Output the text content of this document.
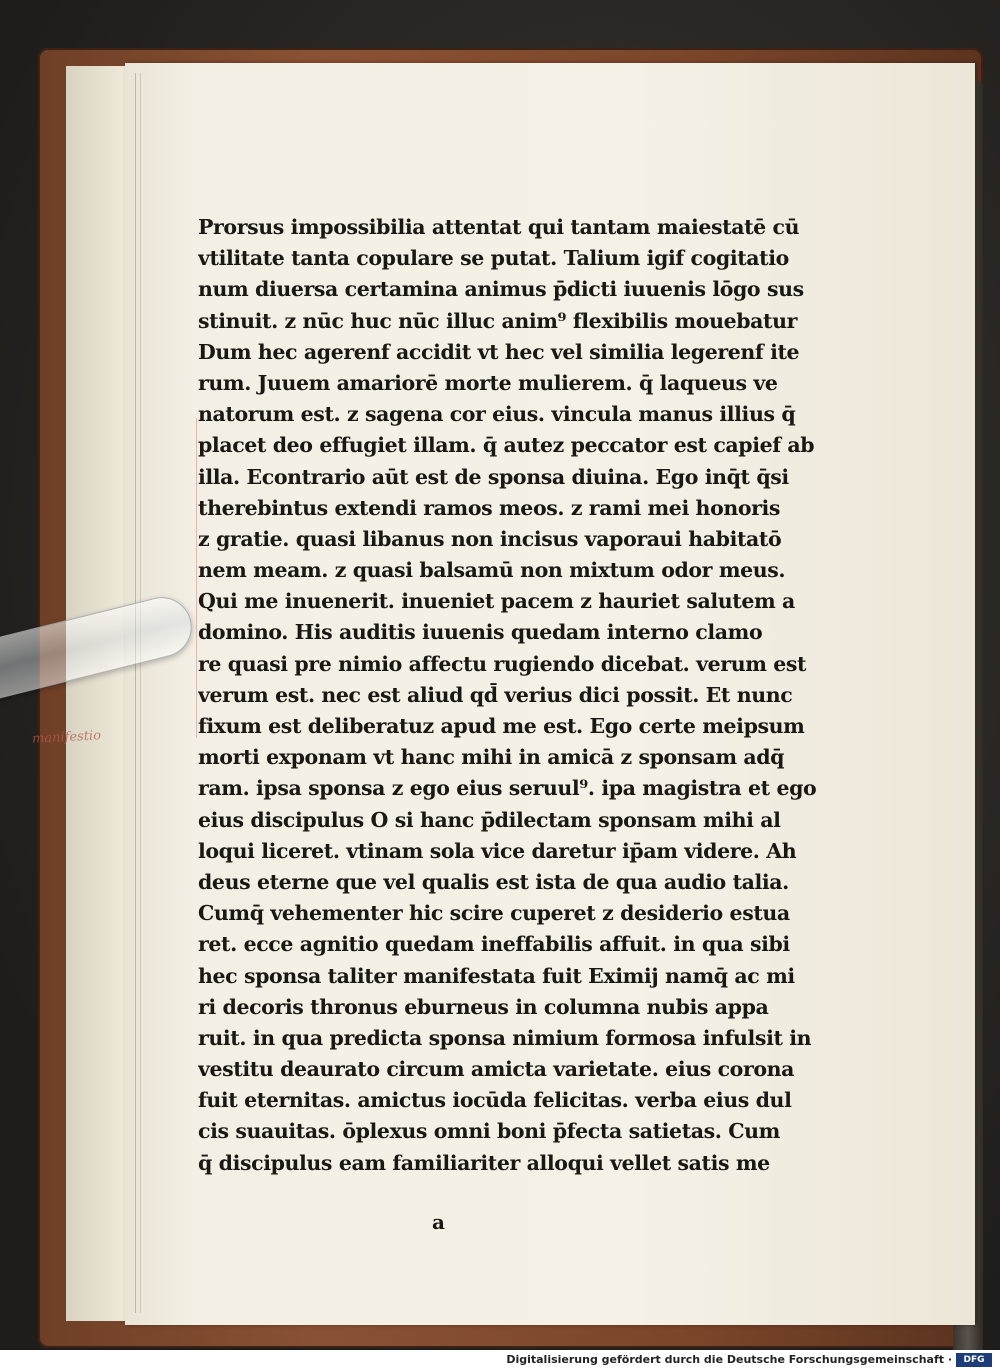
manifestio
Prorsus impossibilia attentat qui tantam maiestatē cū
vtilitate tanta copulare se putat. Talium igif cogitatio
num diuersa certamina animus p̄dicti iuuenis lōgo sus
stinuit. z nūc huc nūc illuc anim⁹ flexibilis mouebatur
Dum hec agerenf accidit vt hec vel similia legerenf ite
rum. Juuem amariorē morte mulierem. q̄ laqueus ve
natorum est. z sagena cor eius. vincula manus illius q̄
placet deo effugiet illam. q̄ autez peccator est capief ab
illa. Econtrario aūt est de sponsa diuina. Ego inq̄t q̄si
therebintus extendi ramos meos. z rami mei honoris
z gratie. quasi libanus non incisus vaporaui habitatō
nem meam. z quasi balsamū non mixtum odor meus.
Qui me inuenerit. inueniet pacem z hauriet salutem a
domino. His auditis iuuenis quedam interno clamo
re quasi pre nimio affectu rugiendo dicebat. verum est
verum est. nec est aliud qd̄ verius dici possit. Et nunc
fixum est deliberatuz apud me est. Ego certe meipsum
morti exponam vt hanc mihi in amicā z sponsam adq̄
ram. ipsa sponsa z ego eius seruul⁹. ipa magistra et ego
eius discipulus O si hanc p̄dilectam sponsam mihi al
loqui liceret. vtinam sola vice daretur ip̄am videre. Ah
deus eterne que vel qualis est ista de qua audio talia.
Cumq̄ vehementer hic scire cuperet z desiderio estua
ret. ecce agnitio quedam ineffabilis affuit. in qua sibi
hec sponsa taliter manifestata fuit Eximij namq̄ ac mi
ri decoris thronus eburneus in columna nubis appa
ruit. in qua predicta sponsa nimium formosa infulsit in
vestitu deaurato circum amicta varietate. eius corona
fuit eternitas. amictus iocūda felicitas. verba eius dul
cis suauitas. ōplexus omni boni p̄fecta satietas. Cum
q̄ discipulus eam familiariter alloqui vellet satis me
a
Digitalisierung gefördert durch die Deutsche Forschungsgemeinschaft ·	DFG
